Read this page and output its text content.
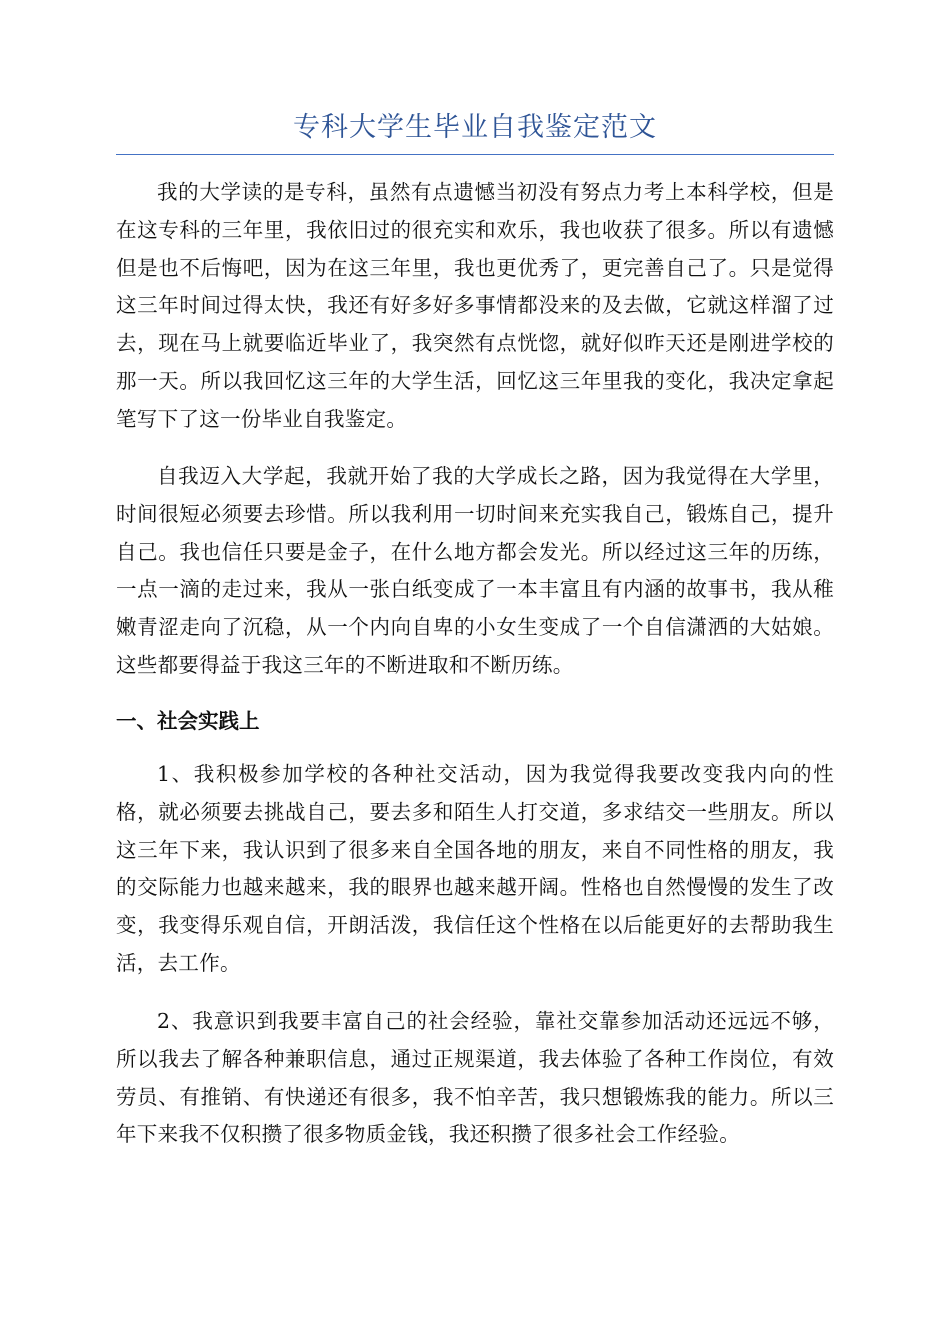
专科大学生毕业自我鉴定范文

我的大学读的是专科，虽然有点遗憾当初没有努点力考上本科学校，但是在这专科的三年里，我依旧过的很充实和欢乐，我也收获了很多。所以有遗憾但是也不后悔吧，因为在这三年里，我也更优秀了，更完善自己了。只是觉得这三年时间过得太快，我还有好多好多事情都没来的及去做，它就这样溜了过去，现在马上就要临近毕业了，我突然有点恍惚，就好似昨天还是刚进学校的那一天。所以我回忆这三年的大学生活，回忆这三年里我的变化，我决定拿起笔写下了这一份毕业自我鉴定。

自我迈入大学起，我就开始了我的大学成长之路，因为我觉得在大学里，时间很短必须要去珍惜。所以我利用一切时间来充实我自己，锻炼自己，提升自己。我也信任只要是金子，在什么地方都会发光。所以经过这三年的历练，一点一滴的走过来，我从一张白纸变成了一本丰富且有内涵的故事书，我从稚嫩青涩走向了沉稳，从一个内向自卑的小女生变成了一个自信潇洒的大姑娘。这些都要得益于我这三年的不断进取和不断历练。

一、社会实践上

1、我积极参加学校的各种社交活动，因为我觉得我要改变我内向的性格，就必须要去挑战自己，要去多和陌生人打交道，多求结交一些朋友。所以这三年下来，我认识到了很多来自全国各地的朋友，来自不同性格的朋友，我的交际能力也越来越来，我的眼界也越来越开阔。性格也自然慢慢的发生了改变，我变得乐观自信，开朗活泼，我信任这个性格在以后能更好的去帮助我生活，去工作。

2、我意识到我要丰富自己的社会经验，靠社交靠参加活动还远远不够，所以我去了解各种兼职信息，通过正规渠道，我去体验了各种工作岗位，有效劳员、有推销、有快递还有很多，我不怕辛苦，我只想锻炼我的能力。所以三年下来我不仅积攒了很多物质金钱，我还积攒了很多社会工作经验。
